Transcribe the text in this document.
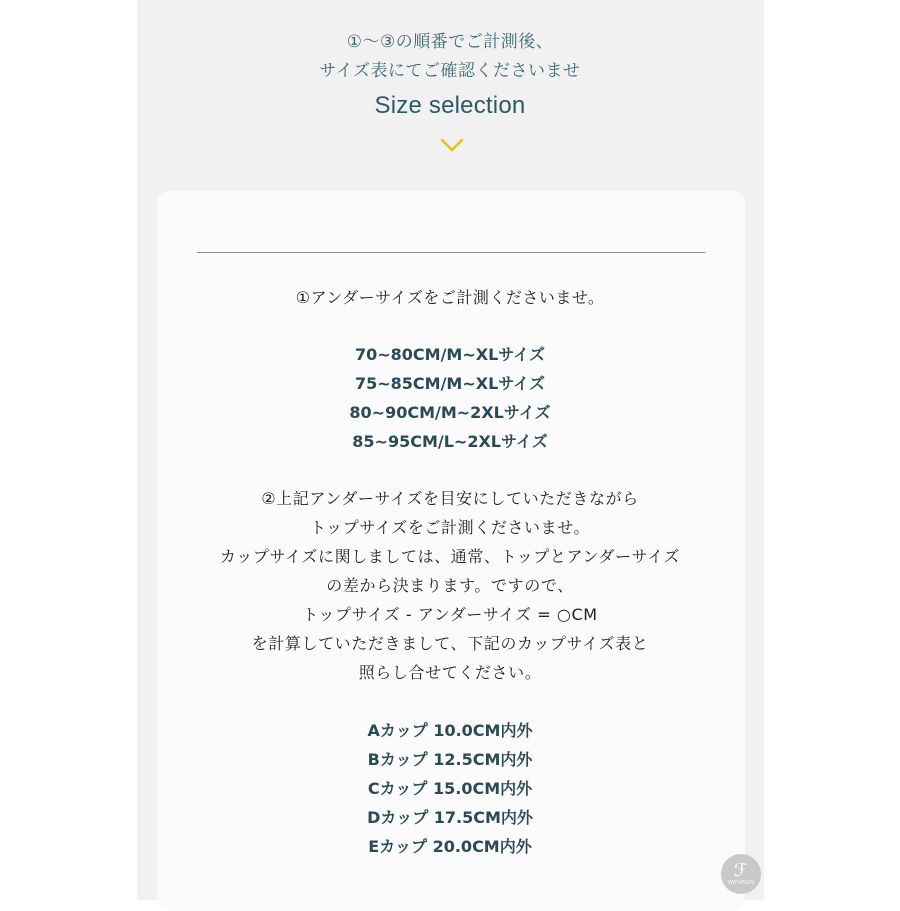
①〜③の順番でご計測後、
サイズ表にてご確認くださいませ
Size selection
①アンダーサイズをご計測くださいませ。
70~80CM/M~XLサイズ
75~85CM/M~XLサイズ
80~90CM/M~2XLサイズ
85~95CM/L~2XLサイズ
②上記アンダーサイズを目安にしていただきながら
トップサイズをご計測くださいませ。
カップサイズに関しましては、通常、トップとアンダーサイズ
の差から決まります。ですので、
トップサイズ - アンダーサイズ = ○CM
を計算していただきまして、下記のカップサイズ表と
照らし合せてください。
Aカップ 10.0CM内外
Bカップ 12.5CM内外
Cカップ 15.0CM内外
Dカップ 17.5CM内外
Eカップ 20.0CM内外
ℱ
YAYUPLUS
